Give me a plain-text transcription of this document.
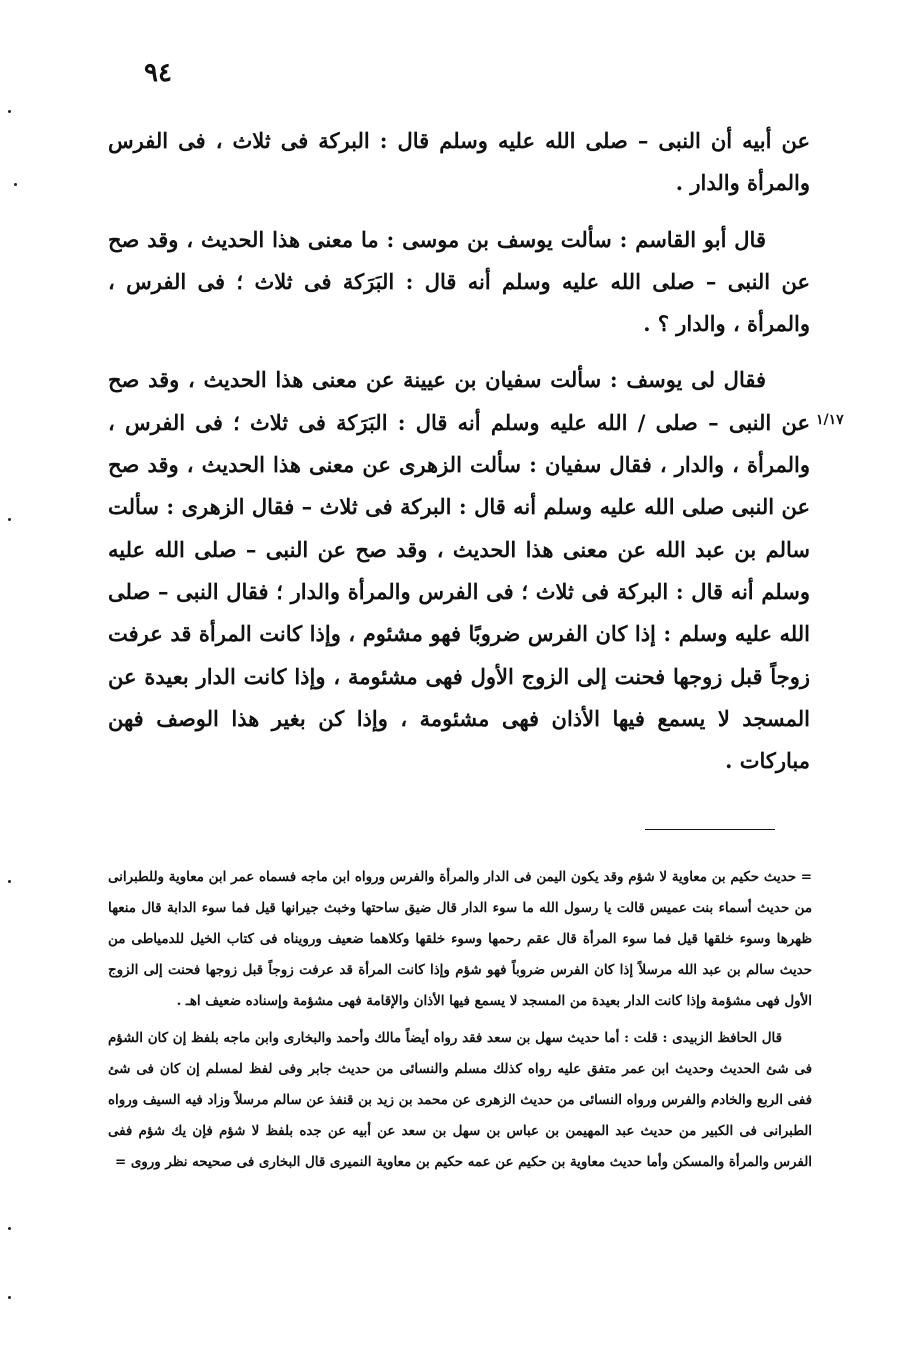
٩٤
١/١٧

عن أبيه أن النبى – صلى الله عليه وسلم قال : البركة فى ثلاث ، فى الفرس والمرأة والدار .

قال أبو القاسم : سألت يوسف بن موسى : ما معنى هذا الحديث ، وقد صح عن النبى – صلى الله عليه وسلم أنه قال : البَرَكة فى ثلاث ؛ فى الفرس ، والمرأة ، والدار ؟ .

فقال لى يوسف : سألت سفيان بن عيينة عن معنى هذا الحديث ، وقد صح عن النبى – صلى / الله عليه وسلم أنه قال : البَرَكة فى ثلاث ؛ فى الفرس ، والمرأة ، والدار ، فقال سفيان : سألت الزهرى عن معنى هذا الحديث ، وقد صح عن النبى صلى الله عليه وسلم أنه قال : البركة فى ثلاث – فقال الزهرى : سألت سالم بن عبد الله عن معنى هذا الحديث ، وقد صح عن النبى – صلى الله عليه وسلم أنه قال : البركة فى ثلاث ؛ فى الفرس والمرأة والدار ؛ فقال النبى – صلى الله عليه وسلم : إذا كان الفرس ضروبًا فهو مشئوم ، وإذا كانت المرأة قد عرفت زوجاً قبل زوجها فحنت إلى الزوج الأول فهى مشئومة ، وإذا كانت الدار بعيدة عن المسجد لا يسمع فيها الأذان فهى مشئومة ، وإذا كن بغير هذا الوصف فهن مباركات .

= حديث حكيم بن معاوية لا شؤم وقد يكون اليمن فى الدار والمرأة والفرس ورواه ابن ماجه فسماه عمر ابن معاوية وللطبرانى من حديث أسماء بنت عميس قالت يا رسول الله ما سوء الدار قال ضيق ساحتها وخبث جيرانها قيل فما سوء الدابة قال منعها ظهرها وسوء خلقها قيل فما سوء المرأة قال عقم رحمها وسوء خلقها وكلاهما ضعيف ورويناه فى كتاب الخيل للدمياطى من حديث سالم بن عبد الله مرسلاً إذا كان الفرس ضروباً فهو شؤم وإذا كانت المرأة قد عرفت زوجاً قبل زوجها فحنت إلى الزوج الأول فهى مشؤمة وإذا كانت الدار بعيدة من المسجد لا يسمع فيها الأذان والإقامة فهى مشؤمة وإسناده ضعيف اهـ .

قال الحافظ الزبيدى : قلت : أما حديث سهل بن سعد فقد رواه أيضاً مالك وأحمد والبخارى وابن ماجه بلفظ إن كان الشؤم فى شئ الحديث وحديث ابن عمر متفق عليه رواه كذلك مسلم والنسائى من حديث جابر وفى لفظ لمسلم إن كان فى شئ ففى الربع والخادم والفرس ورواه النسائى من حديث الزهرى عن محمد بن زيد بن قنفذ عن سالم مرسلاً وزاد فيه السيف ورواه الطبرانى فى الكبير من حديث عبد المهيمن بن عباس بن سهل بن سعد عن أبيه عن جده بلفظ لا شؤم فإن يك شؤم ففى الفرس والمرأة والمسكن وأما حديث معاوية بن حكيم عن عمه حكيم بن معاوية النميرى قال البخارى فى صحيحه نظر وروى =
